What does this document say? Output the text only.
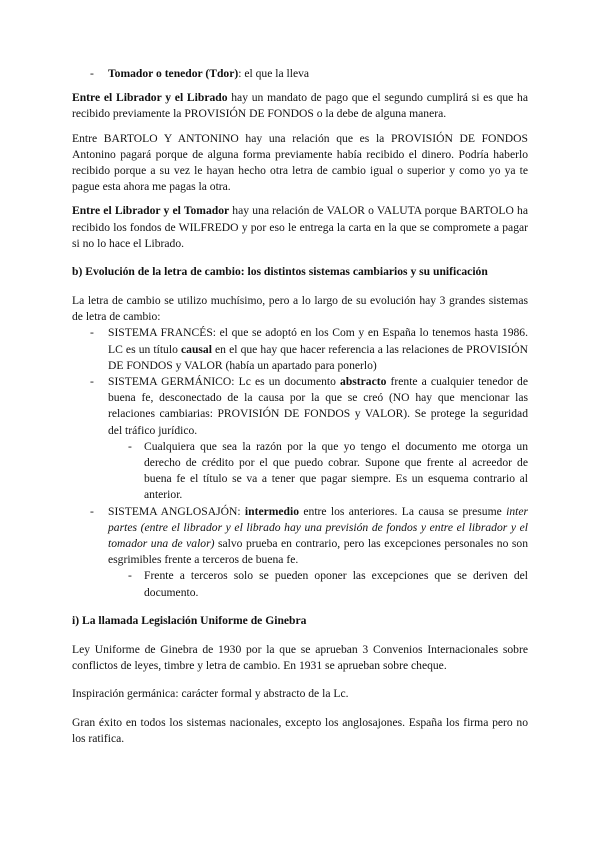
- Tomador o tenedor (Tdor): el que la lleva

Entre el Librador y el Librado hay un mandato de pago que el segundo cumplirá si es que ha recibido previamente la PROVISIÓN DE FONDOS o la debe de alguna manera.

Entre BARTOLO Y ANTONINO hay una relación que es la PROVISIÓN DE FONDOS Antonino pagará porque de alguna forma previamente había recibido el dinero. Podría haberlo recibido porque a su vez le hayan hecho otra letra de cambio igual o superior y como yo ya te pague esta ahora me pagas la otra.

Entre el Librador y el Tomador hay una relación de VALOR o VALUTA porque BARTOLO ha recibido los fondos de WILFREDO y por eso le entrega la carta en la que se compromete a pagar si no lo hace el Librado.

b) Evolución de la letra de cambio: los distintos sistemas cambiarios y su unificación

La letra de cambio se utilizo muchísimo, pero a lo largo de su evolución hay 3 grandes sistemas de letra de cambio:

- SISTEMA FRANCÉS: el que se adoptó en los Com y en España lo tenemos hasta 1986. LC es un título causal en el que hay que hacer referencia a las relaciones de PROVISIÓN DE FONDOS y VALOR (había un apartado para ponerlo)
- SISTEMA GERMÁNICO: Lc es un documento abstracto frente a cualquier tenedor de buena fe, desconectado de la causa por la que se creó (NO hay que mencionar las relaciones cambiarias: PROVISIÓN DE FONDOS y VALOR). Se protege la seguridad del tráfico jurídico.
- Cualquiera que sea la razón por la que yo tengo el documento me otorga un derecho de crédito por el que puedo cobrar. Supone que frente al acreedor de buena fe el título se va a tener que pagar siempre. Es un esquema contrario al anterior.
- SISTEMA ANGLOSAJÓN: intermedio entre los anteriores. La causa se presume inter partes (entre el librador y el librado hay una previsión de fondos y entre el librador y el tomador una de valor) salvo prueba en contrario, pero las excepciones personales no son esgrimibles frente a terceros de buena fe.
- Frente a terceros solo se pueden oponer las excepciones que se deriven del documento.
i) La llamada Legislación Uniforme de Ginebra

Ley Uniforme de Ginebra de 1930 por la que se aprueban 3 Convenios Internacionales sobre conflictos de leyes, timbre y letra de cambio. En 1931 se aprueban sobre cheque.

Inspiración germánica: carácter formal y abstracto de la Lc.

Gran éxito en todos los sistemas nacionales, excepto los anglosajones. España los firma pero no los ratifica.
